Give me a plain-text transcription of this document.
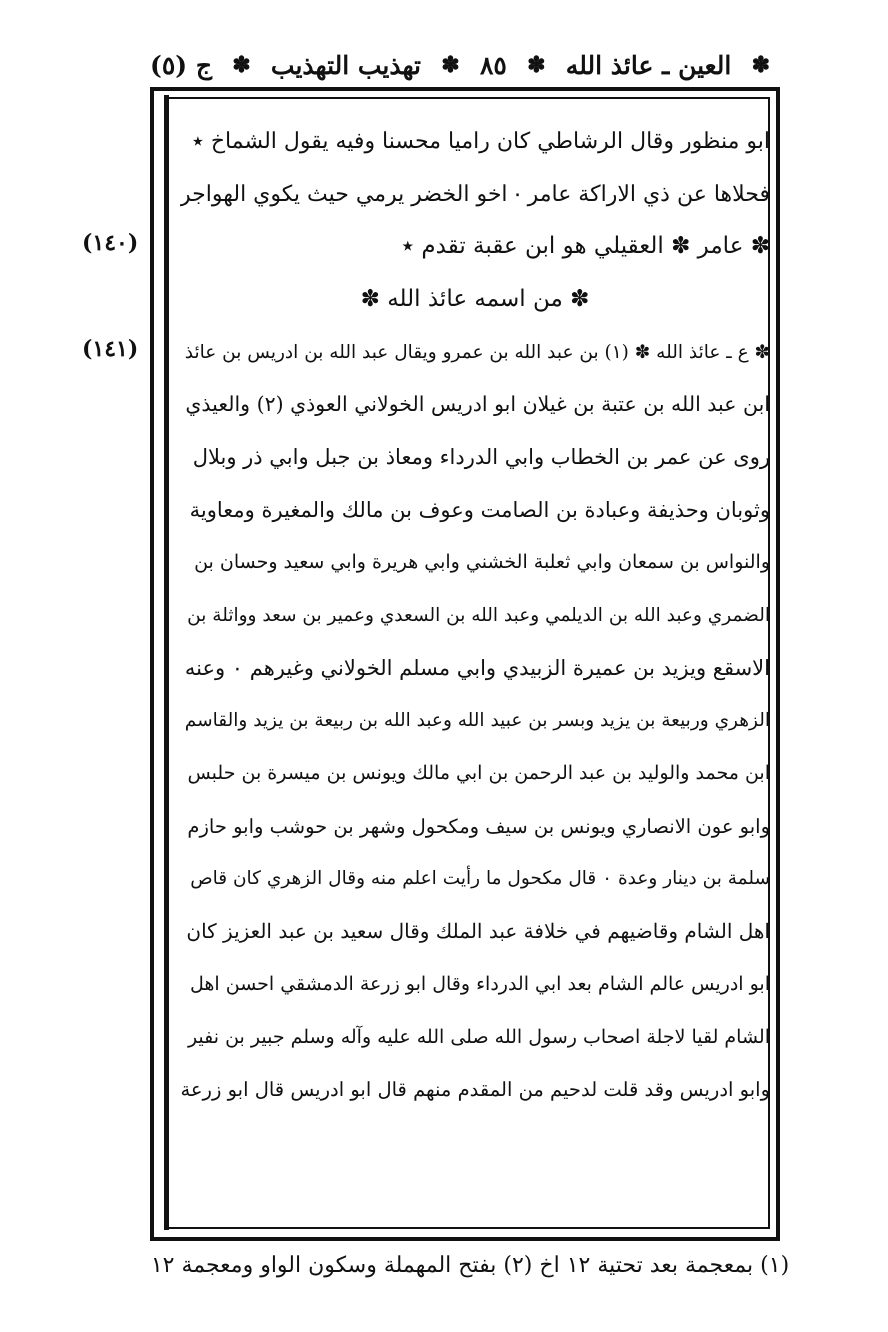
ج (٥) ✽ تهذيب التهذيب ✽ ٨٥ ✽ العين ـ عائذ الله ✽
ابو منظور وقال الرشاطي كان راميا محسنا وفيه يقول الشماخ ٭
فحلاها عن ذي الاراكة عامر
٠
اخو الخضر يرمي حيث يكوي الهواجر
✽ عامر ✽ العقيلي هو ابن عقبة تقدم ٭
✽ من اسمه عائذ الله ✽
✽ ع ـ عائذ الله ✽ (١) بن عبد الله بن عمرو ويقال عبد الله بن ادريس بن عائذ
ابن عبد الله بن عتبة بن غيلان ابو ادريس الخولاني العوذي (٢) والعيذي
روى عن عمر بن الخطاب وابي الدرداء ومعاذ بن جبل وابي ذر وبلال
وثوبان وحذيفة وعبادة بن الصامت وعوف بن مالك والمغيرة ومعاوية
والنواس بن سمعان وابي ثعلبة الخشني وابي هريرة وابي سعيد وحسان بن
الضمري وعبد الله بن الديلمي وعبد الله بن السعدي وعمير بن سعد وواثلة بن
الاسقع ويزيد بن عميرة الزبيدي وابي مسلم الخولاني وغيرهم ٠ وعنه
الزهري وربيعة بن يزيد وبسر بن عبيد الله وعبد الله بن ربيعة بن يزيد والقاسم
ابن محمد والوليد بن عبد الرحمن بن ابي مالك ويونس بن ميسرة بن حلبس
وابو عون الانصاري ويونس بن سيف ومكحول وشهر بن حوشب وابو حازم
سلمة بن دينار وعدة ٠ قال مكحول ما رأيت اعلم منه وقال الزهري كان قاص
اهل الشام وقاضيهم في خلافة عبد الملك وقال سعيد بن عبد العزيز كان
ابو ادريس عالم الشام بعد ابي الدرداء وقال ابو زرعة الدمشقي احسن اهل
الشام لقيا لاجلة اصحاب رسول الله صلى الله عليه وآله وسلم جبير بن نفير
وابو ادريس وقد قلت لدحيم من المقدم منهم قال ابو ادريس قال ابو زرعة
(١٤٠)
(١٤١)
(١) بمعجمة بعد تحتية ١٢ اخ (٢) بفتح المهملة وسكون الواو ومعجمة ١٢
